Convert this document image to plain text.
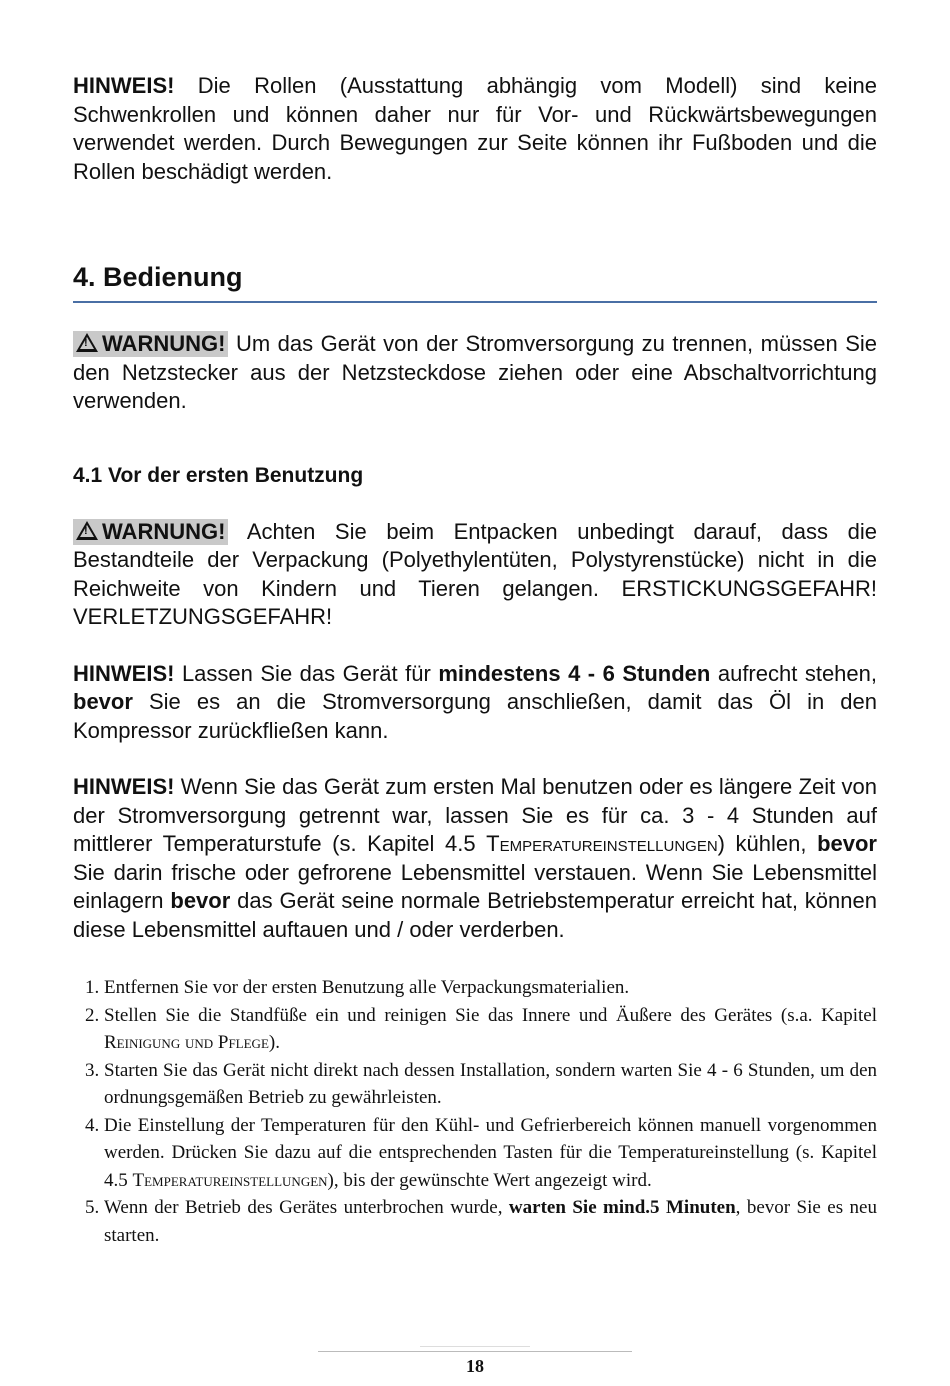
HINWEIS! Die Rollen (Ausstattung abhängig vom Modell) sind keine Schwenkrollen und können daher nur für Vor- und Rückwärtsbewegungen verwendet werden. Durch Bewegungen zur Seite können ihr Fußboden und die Rollen beschädigt werden.

4. Bedienung

!WARNUNG! Um das Gerät von der Stromversorgung zu trennen, müssen Sie den Netzstecker aus der Netzsteckdose ziehen oder eine Abschaltvorrichtung verwenden.

4.1 Vor der ersten Benutzung

!WARNUNG! Achten Sie beim Entpacken unbedingt darauf, dass die Bestandteile der Verpackung (Polyethylentüten, Polystyrenstücke) nicht in die Reichweite von Kindern und Tieren gelangen. ERSTICKUNGSGEFAHR! VERLETZUNGSGEFAHR!

HINWEIS! Lassen Sie das Gerät für mindestens 4 - 6 Stunden aufrecht stehen, bevor Sie es an die Stromversorgung anschließen, damit das Öl in den Kompressor zurückfließen kann.

HINWEIS! Wenn Sie das Gerät zum ersten Mal benutzen oder es längere Zeit von der Stromversorgung getrennt war, lassen Sie es für ca. 3 - 4 Stunden auf mittlerer Temperaturstufe (s. Kapitel 4.5 Temperatureinstellungen) kühlen, bevor Sie darin frische oder gefrorene Lebensmittel verstauen. Wenn Sie Lebensmittel einlagern bevor das Gerät seine normale Betriebstemperatur erreicht hat, können diese Lebensmittel auftauen und / oder verderben.

1. Entfernen Sie vor der ersten Benutzung alle Verpackungsmaterialien.
2. Stellen Sie die Standfüße ein und reinigen Sie das Innere und Äußere des Gerätes (s.a. Kapitel Reinigung und Pflege).
3. Starten Sie das Gerät nicht direkt nach dessen Installation, sondern warten Sie 4 - 6 Stunden, um den ordnungsgemäßen Betrieb zu gewährleisten.
4. Die Einstellung der Temperaturen für den Kühl- und Gefrierbereich können manuell vorgenommen werden. Drücken Sie dazu auf die entsprechenden Tasten für die Temperatureinstellung (s. Kapitel 4.5 Temperatureinstellungen), bis der gewünschte Wert angezeigt wird.
5. Wenn der Betrieb des Gerätes unterbrochen wurde, warten Sie mind.5 Minuten, bevor Sie es neu starten.
18
